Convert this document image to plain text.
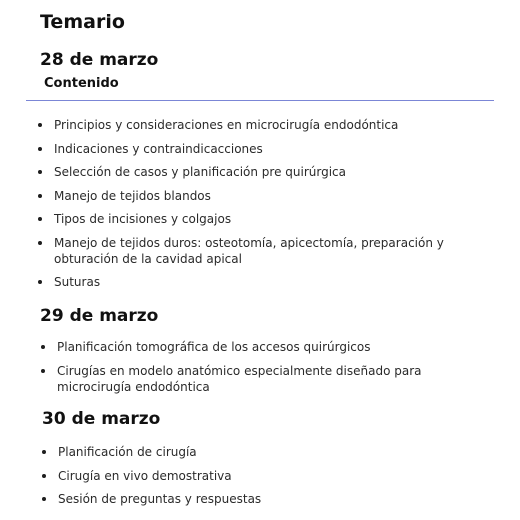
Temario
28 de marzo
Contenido
Principios y consideraciones en microcirugía endodóntica
Indicaciones y contraindicacciones
Selección de casos y planificación pre quirúrgica
Manejo de tejidos blandos
Tipos de incisiones y colgajos
Manejo de tejidos duros: osteotomía, apicectomía, preparación y obturación de la cavidad apical
Suturas
29 de marzo
Planificación tomográfica de los accesos quirúrgicos
Cirugías en modelo anatómico especialmente diseñado para microcirugía endodóntica
30 de marzo
Planificación de cirugía
Cirugía en vivo demostrativa
Sesión de preguntas y respuestas
